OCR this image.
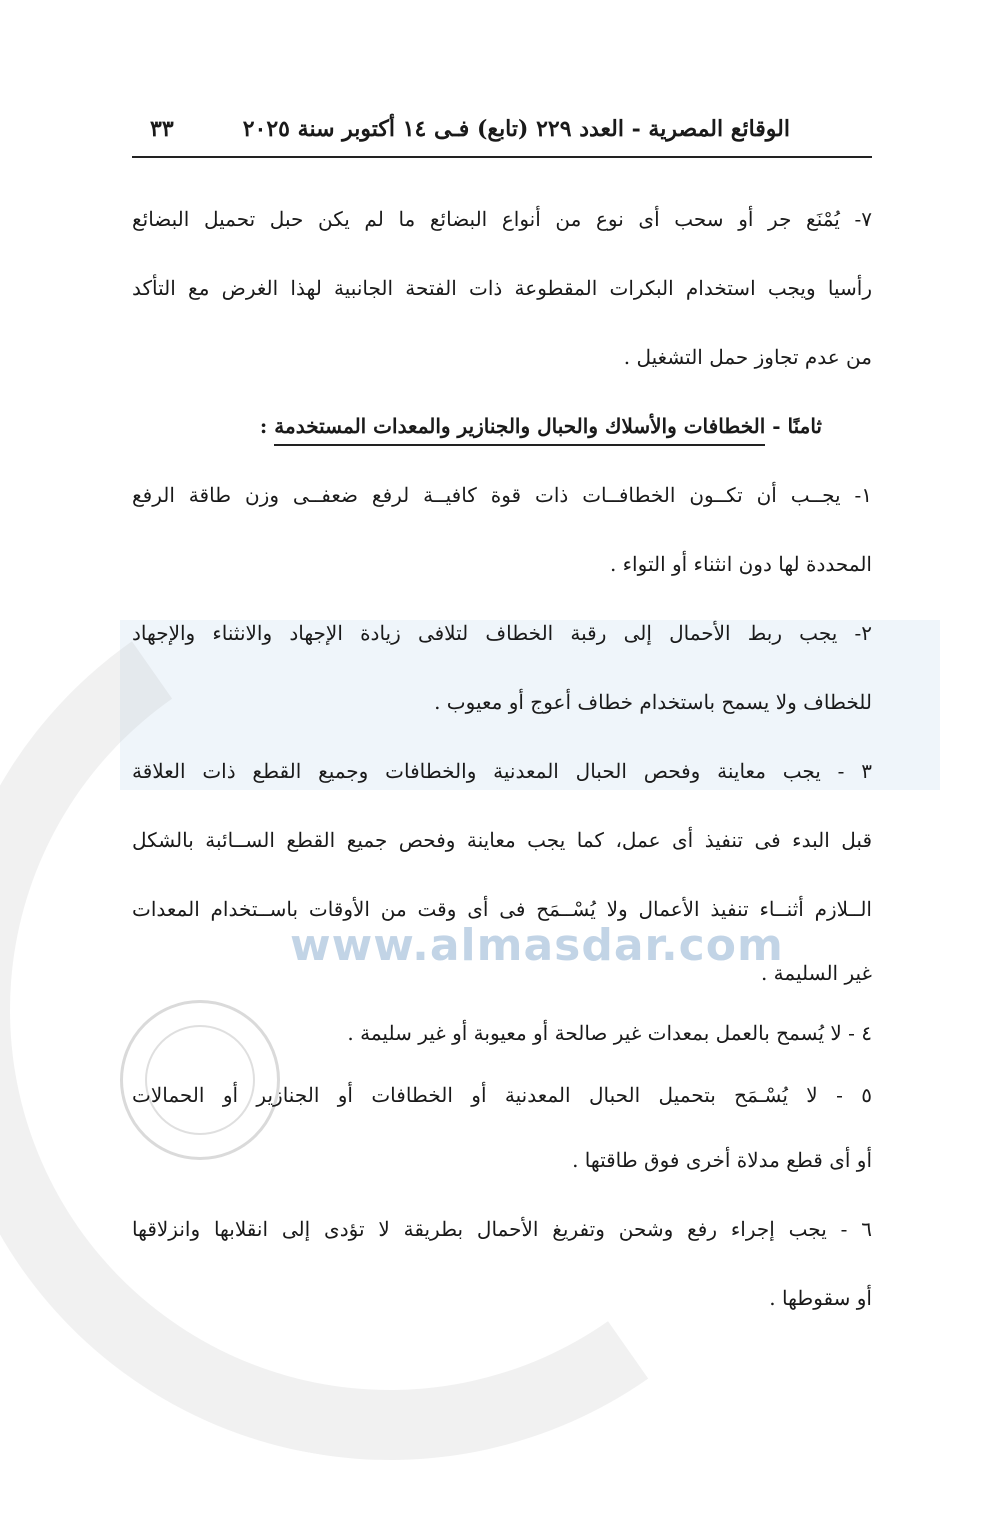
www.almasdar.com
الوقائع المصرية - العدد ٢٢٩ (تابع) فـى ١٤ أكتوبر سنة ٢٠٢٥
٣٣
٧- يُمْنَع جر أو سحب أى نوع من أنواع البضائع ما لم يكن حبل تحميل البضائع
رأسيا ويجب استخدام البكرات المقطوعة ذات الفتحة الجانبية لهذا الغرض مع التأكد
من عدم تجاوز حمل التشغيل .
ثامنًا - الخطافات والأسلاك والحبال والجنازير والمعدات المستخدمة :
١- يجــب أن تكــون الخطافــات ذات قوة كافيــة لرفع ضعفــى وزن طاقة الرفع
المحددة لها دون انثناء أو التواء .
٢- يجب ربط الأحمال إلى رقبة الخطاف لتلافى زيادة الإجهاد والانثناء والإجهاد
للخطاف ولا يسمح باستخدام خطاف أعوج أو معيوب .
٣ - يجب معاينة وفحص الحبال المعدنية والخطافات وجميع القطع ذات العلاقة
قبل البدء فى تنفيذ أى عمل، كما يجب معاينة وفحص جميع القطع الســائبة بالشكل
الــلازم أثنــاء تنفيذ الأعمال ولا يُسْــمَح فى أى وقت من الأوقات باســتخدام المعدات
غير السليمة .
٤ - لا يُسمح بالعمل بمعدات غير صالحة أو معيوبة أو غير سليمة .
٥ - لا يُسْـمَح بتحميل الحبال المعدنية أو الخطافات أو الجنازير أو الحمالات
أو أى قطع مدلاة أخرى فوق طاقتها .
٦ - يجب إجراء رفع وشحن وتفريغ الأحمال بطريقة لا تؤدى إلى انقلابها وانزلاقها
أو سقوطها .
